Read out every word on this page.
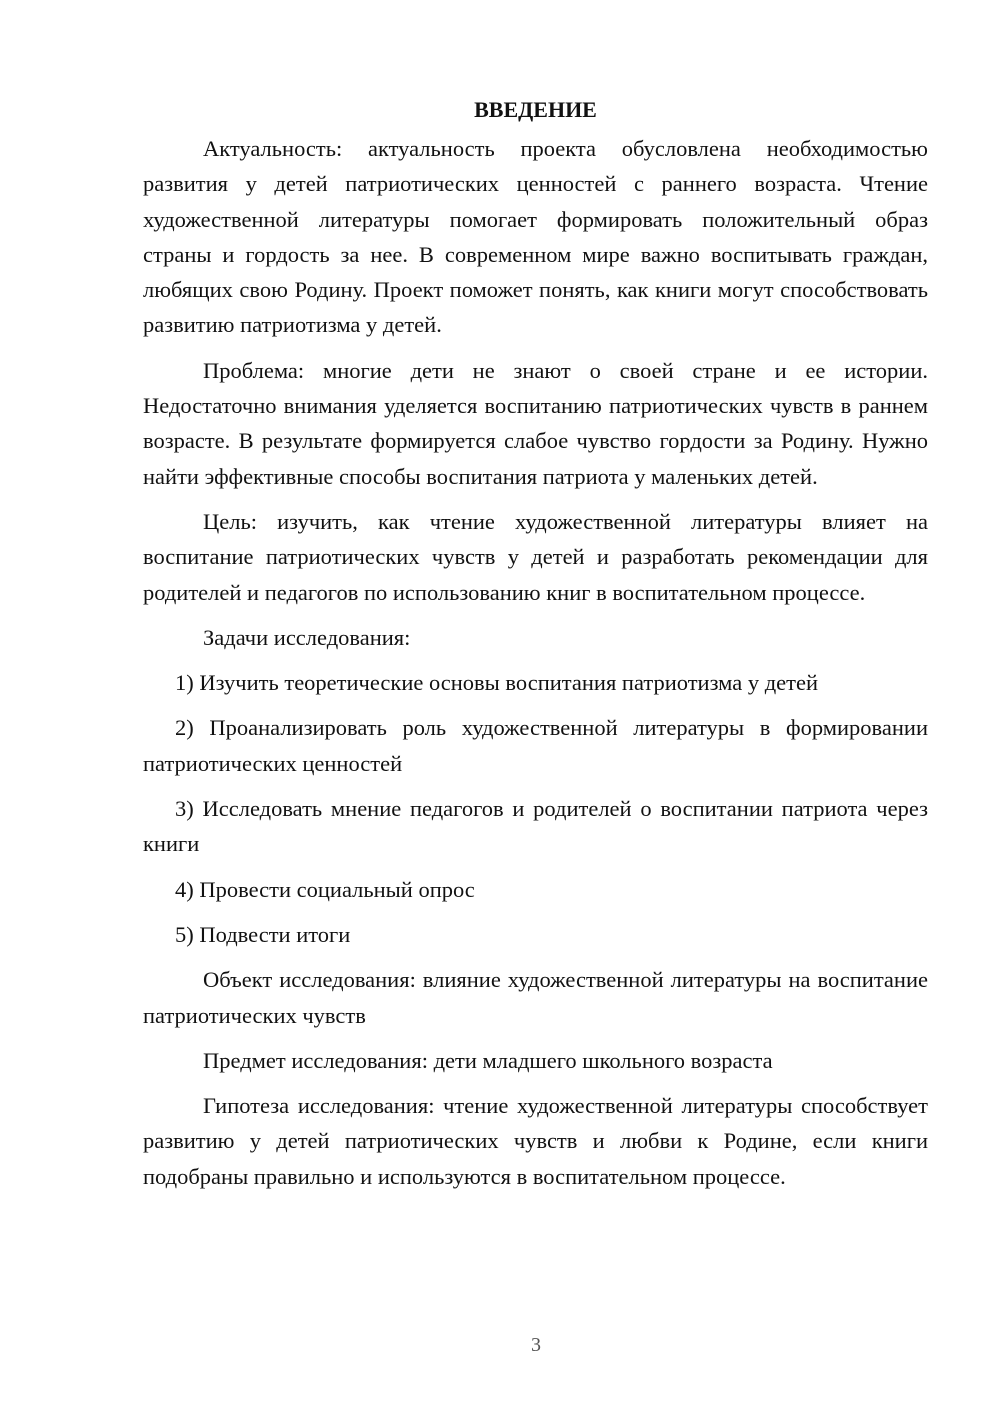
ВВЕДЕНИЕ

Актуальность: актуальность проекта обусловлена необходимостью развития у детей патриотических ценностей с раннего возраста. Чтение художественной литературы помогает формировать положительный образ страны и гордость за нее. В современном мире важно воспитывать граждан, любящих свою Родину. Проект поможет понять, как книги могут способствовать развитию патриотизма у детей.

Проблема: многие дети не знают о своей стране и ее истории. Недостаточно внимания уделяется воспитанию патриотических чувств в раннем возрасте. В результате формируется слабое чувство гордости за Родину. Нужно найти эффективные способы воспитания патриота у маленьких детей.

Цель: изучить, как чтение художественной литературы влияет на воспитание патриотических чувств у детей и разработать рекомендации для родителей и педагогов по использованию книг в воспитательном процессе.

Задачи исследования:

1) Изучить теоретические основы воспитания патриотизма у детей

2) Проанализировать роль художественной литературы в формировании патриотических ценностей

3) Исследовать мнение педагогов и родителей о воспитании патриота через книги

4) Провести социальный опрос

5) Подвести итоги

Объект исследования: влияние художественной литературы на воспитание патриотических чувств

Предмет исследования: дети младшего школьного возраста

Гипотеза исследования: чтение художественной литературы способствует развитию у детей патриотических чувств и любви к Родине, если книги подобраны правильно и используются в воспитательном процессе.

3
